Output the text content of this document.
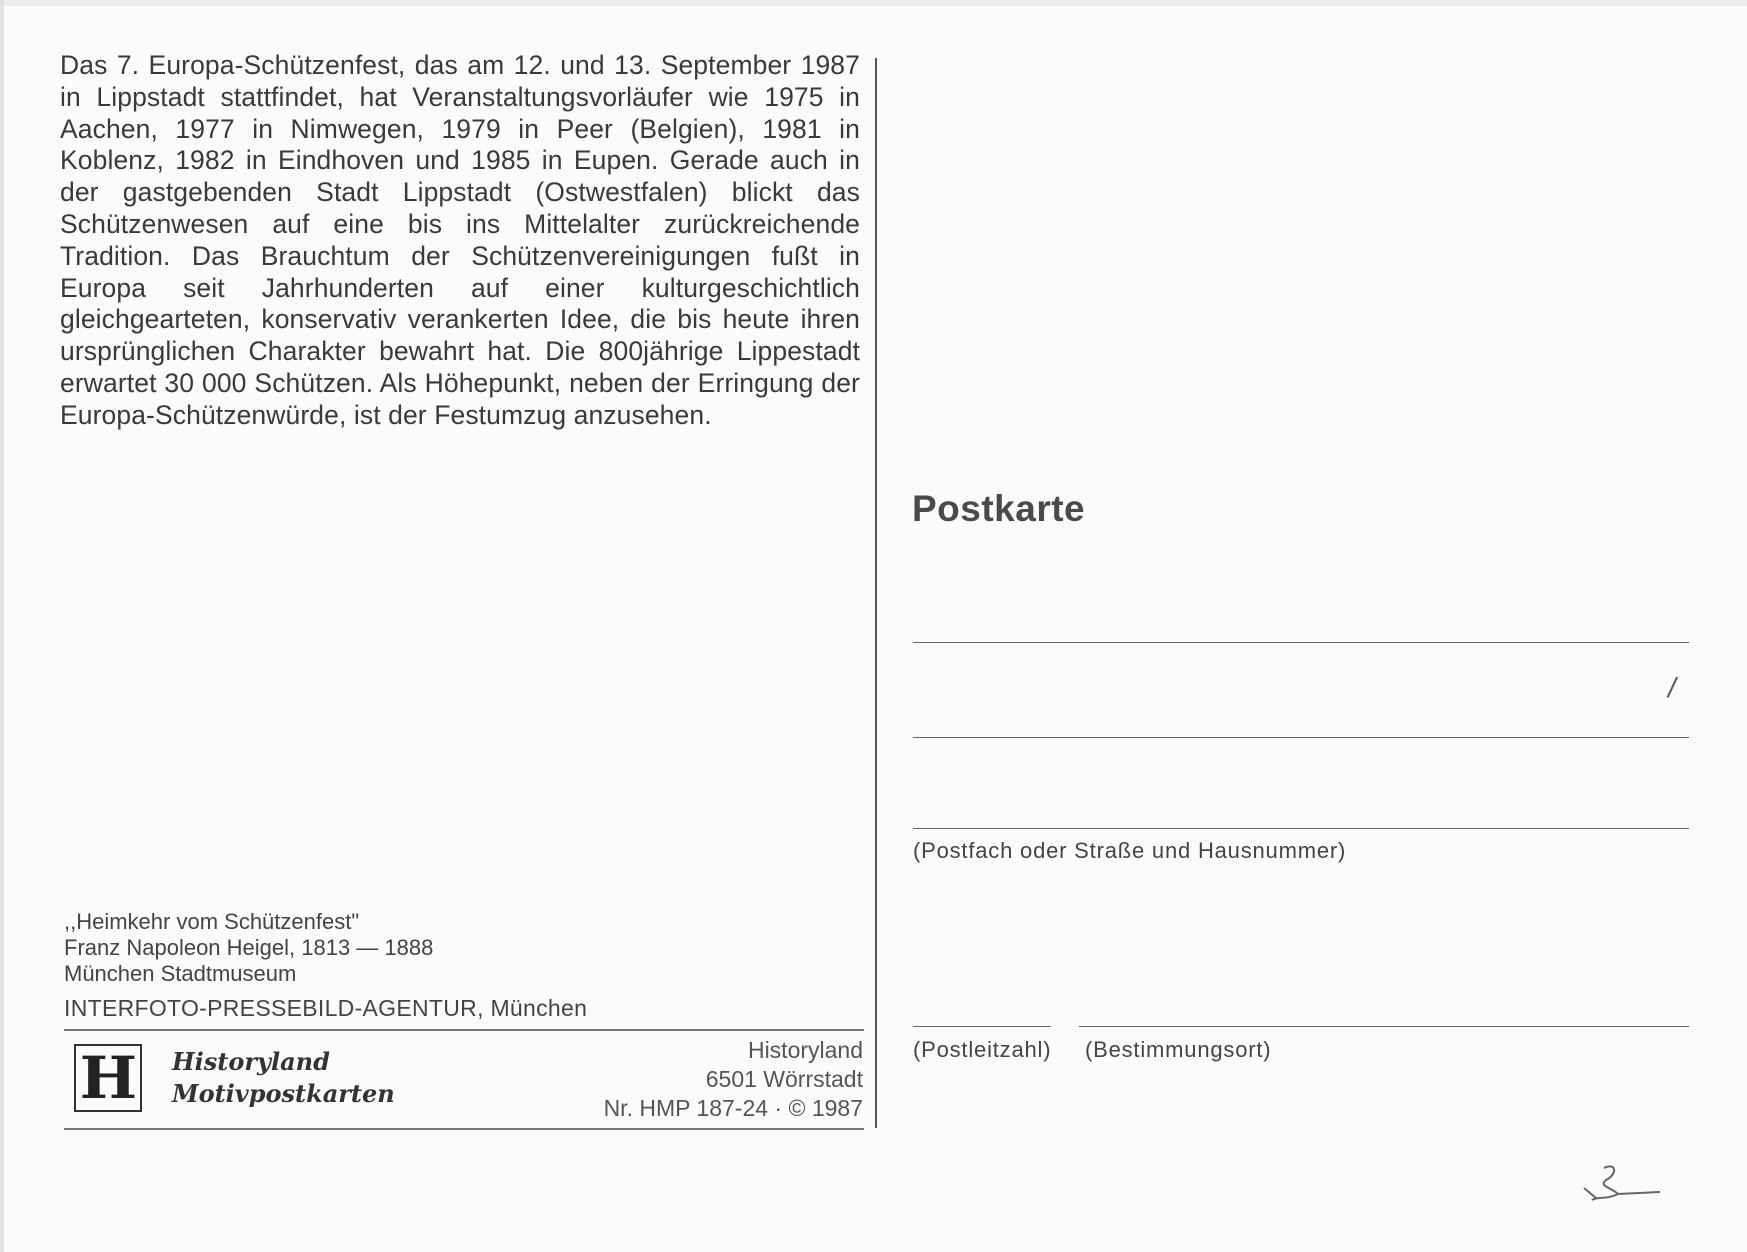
Das 7. Europa-Schützenfest, das am 12. und 13. September 1987 in Lippstadt stattfindet, hat Veranstaltungsvorläufer wie 1975 in Aachen, 1977 in Nimwegen, 1979 in Peer (Belgien), 1981 in Koblenz, 1982 in Eindhoven und 1985 in Eupen. Gerade auch in der gastgebenden Stadt Lippstadt (Ostwestfalen) blickt das Schützenwesen auf eine bis ins Mittelalter zurückreichende Tradition. Das Brauchtum der Schützenvereinigungen fußt in Europa seit Jahrhunderten auf einer kulturgeschichtlich gleichgearteten, konservativ verankerten Idee, die bis heute ihren ursprünglichen Charakter bewahrt hat. Die 800jährige Lippestadt erwartet 30 000 Schützen. Als Höhepunkt, neben der Erringung der Europa-Schützenwürde, ist der Festumzug anzusehen.

,,Heimkehr vom Schützenfest"
Franz Napoleon Heigel, 1813 — 1888
München Stadtmuseum
INTERFOTO-PRESSEBILD-AGENTUR, München
H Historyland
Motivpostkarten
Historyland
6501 Wörrstadt
Nr. HMP 187-24 · © 1987
Postkarte
/
(Postfach oder Straße und Hausnummer)
(Postleitzahl) (Bestimmungsort)
